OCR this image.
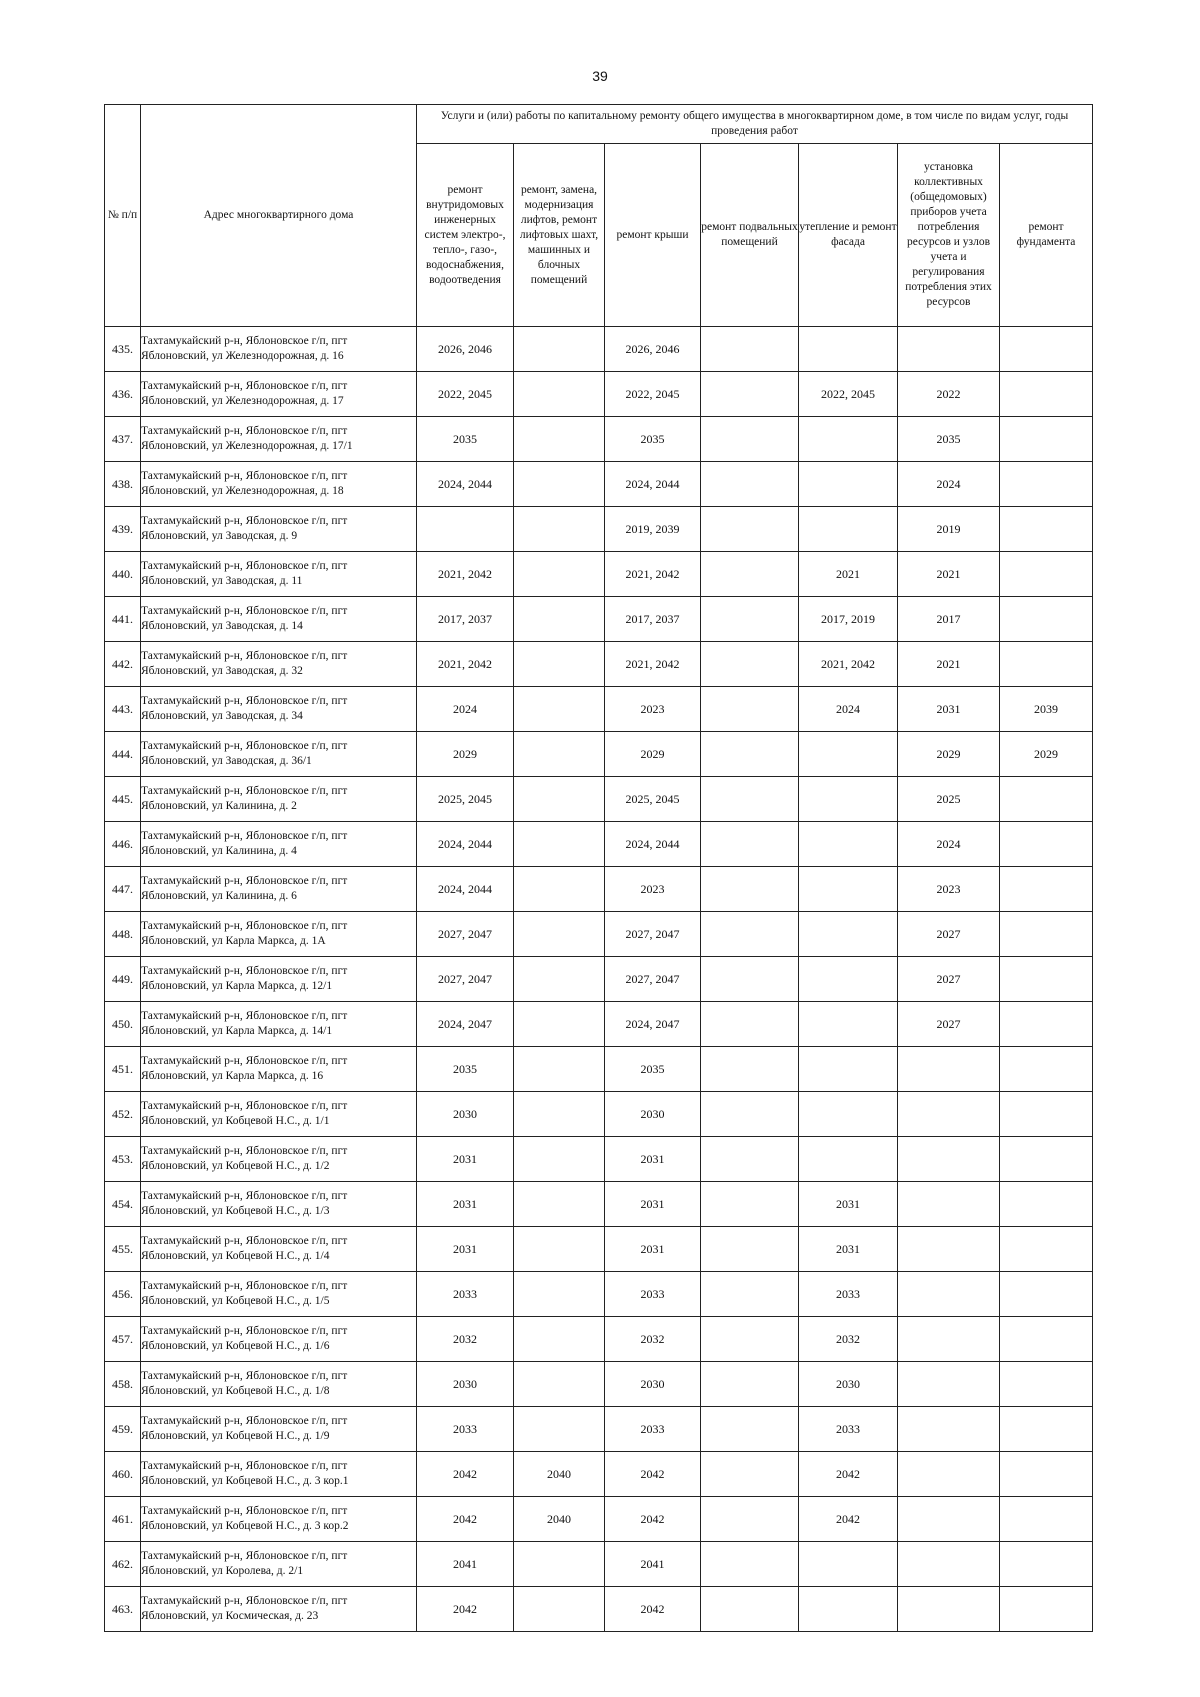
39
№ п/п	Адрес многоквартирного дома	Услуги и (или) работы по капитальному ремонту общего имущества в многоквартирном доме, в том числе по видам услуг, годы проведения работ						
		ремонт внутридомовых инженерных систем электро-, тепло-, газо-, водоснабжения, водоотведения	ремонт, замена, модернизация лифтов, ремонт лифтовых шахт, машинных и блочных помещений	ремонт крыши	ремонт подвальных помещений	утепление и ремонт фасада	установка коллективных (общедомовых) приборов учета потребления ресурсов и узлов учета и регулирования потребления этих ресурсов	ремонт фундамента
435.	Тахтамукайский р-н, Яблоновское г/п, пгт
Яблоновский, ул Железнодорожная, д. 16	2026, 2046		2026, 2046				
436.	Тахтамукайский р-н, Яблоновское г/п, пгт
Яблоновский, ул Железнодорожная, д. 17	2022, 2045		2022, 2045		2022, 2045	2022	
437.	Тахтамукайский р-н, Яблоновское г/п, пгт
Яблоновский, ул Железнодорожная, д. 17/1	2035		2035			2035	
438.	Тахтамукайский р-н, Яблоновское г/п, пгт
Яблоновский, ул Железнодорожная, д. 18	2024, 2044		2024, 2044			2024	
439.	Тахтамукайский р-н, Яблоновское г/п, пгт
Яблоновский, ул Заводская, д. 9			2019, 2039			2019	
440.	Тахтамукайский р-н, Яблоновское г/п, пгт
Яблоновский, ул Заводская, д. 11	2021, 2042		2021, 2042		2021	2021	
441.	Тахтамукайский р-н, Яблоновское г/п, пгт
Яблоновский, ул Заводская, д. 14	2017, 2037		2017, 2037		2017, 2019	2017	
442.	Тахтамукайский р-н, Яблоновское г/п, пгт
Яблоновский, ул Заводская, д. 32	2021, 2042		2021, 2042		2021, 2042	2021	
443.	Тахтамукайский р-н, Яблоновское г/п, пгт
Яблоновский, ул Заводская, д. 34	2024		2023		2024	2031	2039
444.	Тахтамукайский р-н, Яблоновское г/п, пгт
Яблоновский, ул Заводская, д. 36/1	2029		2029			2029	2029
445.	Тахтамукайский р-н, Яблоновское г/п, пгт
Яблоновский, ул Калинина, д. 2	2025, 2045		2025, 2045			2025	
446.	Тахтамукайский р-н, Яблоновское г/п, пгт
Яблоновский, ул Калинина, д. 4	2024, 2044		2024, 2044			2024	
447.	Тахтамукайский р-н, Яблоновское г/п, пгт
Яблоновский, ул Калинина, д. 6	2024, 2044		2023			2023	
448.	Тахтамукайский р-н, Яблоновское г/п, пгт
Яблоновский, ул Карла Маркса, д. 1А	2027, 2047		2027, 2047			2027	
449.	Тахтамукайский р-н, Яблоновское г/п, пгт
Яблоновский, ул Карла Маркса, д. 12/1	2027, 2047		2027, 2047			2027	
450.	Тахтамукайский р-н, Яблоновское г/п, пгт
Яблоновский, ул Карла Маркса, д. 14/1	2024, 2047		2024, 2047			2027	
451.	Тахтамукайский р-н, Яблоновское г/п, пгт
Яблоновский, ул Карла Маркса, д. 16	2035		2035				
452.	Тахтамукайский р-н, Яблоновское г/п, пгт
Яблоновский, ул Кобцевой Н.С., д. 1/1	2030		2030				
453.	Тахтамукайский р-н, Яблоновское г/п, пгт
Яблоновский, ул Кобцевой Н.С., д. 1/2	2031		2031				
454.	Тахтамукайский р-н, Яблоновское г/п, пгт
Яблоновский, ул Кобцевой Н.С., д. 1/3	2031		2031		2031		
455.	Тахтамукайский р-н, Яблоновское г/п, пгт
Яблоновский, ул Кобцевой Н.С., д. 1/4	2031		2031		2031		
456.	Тахтамукайский р-н, Яблоновское г/п, пгт
Яблоновский, ул Кобцевой Н.С., д. 1/5	2033		2033		2033		
457.	Тахтамукайский р-н, Яблоновское г/п, пгт
Яблоновский, ул Кобцевой Н.С., д. 1/6	2032		2032		2032		
458.	Тахтамукайский р-н, Яблоновское г/п, пгт
Яблоновский, ул Кобцевой Н.С., д. 1/8	2030		2030		2030		
459.	Тахтамукайский р-н, Яблоновское г/п, пгт
Яблоновский, ул Кобцевой Н.С., д. 1/9	2033		2033		2033		
460.	Тахтамукайский р-н, Яблоновское г/п, пгт
Яблоновский, ул Кобцевой Н.С., д. 3 кор.1	2042	2040	2042		2042		
461.	Тахтамукайский р-н, Яблоновское г/п, пгт
Яблоновский, ул Кобцевой Н.С., д. 3 кор.2	2042	2040	2042		2042		
462.	Тахтамукайский р-н, Яблоновское г/п, пгт
Яблоновский, ул Королева, д. 2/1	2041		2041				
463.	Тахтамукайский р-н, Яблоновское г/п, пгт
Яблоновский, ул Космическая, д. 23	2042		2042				
